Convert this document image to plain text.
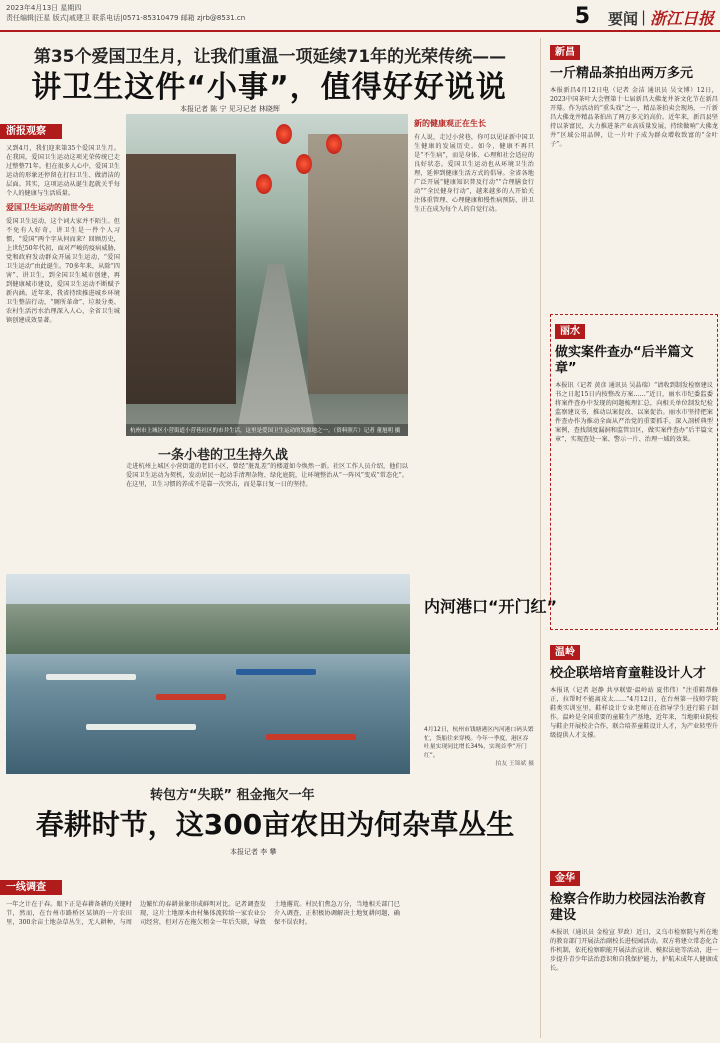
2023年4月13日 星期四
责任编辑|汪星 版式|戚建卫 联系电话|0571-85310479 邮箱 zjrb@8531.cn	5 要闻 | 浙江日报
第35个爱国卫生月，让我们重温一项延续71年的光荣传统——
讲卫生这件“小事”，值得好好说说
本报记者 陈 宁 见习记者 林晓辉
浙报观察
又到4月，我们迎来第35个爱国卫生月。在我国，爱国卫生运动这项光荣传统已走过整整71年。但在很多人心中，爱国卫生运动的形象还停留在打扫卫生、做清洁的层面。其实，这项运动从诞生起就关乎每个人的健康与生活质量。
爱国卫生运动的前世今生
爱国卫生运动，这个词大家并不陌生。但不免有人好奇，讲卫生是一件个人习惯，“爱国”两个字从何而来？回顾历史，上世纪50年代初，面对严峻的疫病威胁，党和政府发动群众开展卫生运动，“爱国卫生运动”由此诞生。70多年来，从除“四害”、讲卫生，到全国卫生城市创建，再到健康城市建设，爱国卫生运动不断赋予新内涵。近年来，我省持续推进城乡环境卫生整洁行动，“厕所革命”、垃圾分类、农村生活污水治理深入人心，全省卫生城镇创建成效显著。
杭州市上城区小营街道小营巷社区的市井生活，这里是爱国卫生运动的发源地之一。（资料照片）记者 董旭明 摄
新的健康观正在生长
有人说，走过小营巷，你可以见证新中国卫生健康的发展历史。如今，健康不再只是“不生病”，而是身体、心理和社会适应的良好状态。爱国卫生运动也从环境卫生治理，延伸到健康生活方式的倡导。全省各地广泛开展“健康知识普及行动”“合理膳食行动”“全民健身行动”，越来越多的人开始关注体重管理、心理健康和慢性病预防，讲卫生正在成为每个人的自觉行动。
一条小巷的卫生持久战
走进杭州上城区小营街道的老旧小区，曾经“脏乱差”的楼道如今焕然一新。社区工作人员介绍，他们以爱国卫生运动为契机，发动居民一起动手清理杂物、绿化庭院，让环境整治从“一阵风”变成“常态化”。在这里，卫生习惯的养成不是靠一次突击，而是靠日复一日的坚持。
内河港口“开门红”
4月12日，杭州市钱塘港区内河港口码头繁忙，货船往来穿梭。今年一季度，港区吞吐量实现同比增长34%，实现首季“开门红”。
拍友 王锦斌 摄
转包方“失联” 租金拖欠一年
春耕时节，这300亩农田为何杂草丛生
本报记者 李 攀
一线调查
一年之计在于春。眼下正是春耕备耕的关键时节，然而，在台州市路桥区某镇的一片农田里，300余亩土地杂草丛生，无人耕种，与周边繁忙的春耕景象形成鲜明对比。记者调查发现，这片土地原本由村集体流转给一家农业公司经营，但对方在拖欠租金一年后失联，导致土地撂荒。村民们焦急万分，当地相关部门已介入调查，正积极协调解决土地复耕问题，确保不误农时。
新昌
一斤精品茶拍出两万多元
本报新昌4月12日电（记者 金洁 通讯员 吴文博）12日，2023中国茶叶大会暨第十七届新昌大佛龙井茶文化节在新昌开幕。作为活动的“重头戏”之一，精品茶拍卖会现场，一斤新昌大佛龙井精品茶拍出了两万多元的高价。近年来，新昌县坚持以茶富民，大力推进茶产业高质量发展，持续做响“大佛龙井”区域公用品牌，让一片叶子成为群众增收致富的“金叶子”。
丽水
做实案件查办“后半篇文章”
本报讯（记者 黄彦 通讯员 吴晶瑞）“请收到制发检察建议书之日起15日内按整改方案……”近日，丽水市纪委监委将案件查办中发现的问题梳理汇总，向相关单位制发纪检监察建议书，推动以案促改、以案促治。丽水市坚持把案件查办作为推动全面从严治党的重要抓手，深入剖析典型案例，查找制度漏洞和监管盲区，做实案件查办“后半篇文章”，实现查处一案、警示一片、治理一域的效果。
温岭
校企联培培育童鞋设计人才
本报讯（记者 赵静 共享联盟·温岭站 夏伟伟）“注重鞋帮修正，拉帮时不能离皮太……”4月12日，在台州第一技师学院鞋类实训室里，鞋样设计专业老师正在指导学生进行鞋子制作。温岭是全国重要的童鞋生产基地，近年来，当地职业院校与鞋企开展校企合作，联合培养童鞋设计人才，为产业转型升级提供人才支撑。
金华
检察合作助力校园法治教育建设
本报讯（通讯员 金检宣 罗政）近日，义乌市检察院与所在地的教育部门开展法治副校长进校园活动。双方将建立常态化合作机制，依托检察职能开展法治宣讲、模拟法庭等活动，进一步提升青少年法治意识和自我保护能力，护航未成年人健康成长。
